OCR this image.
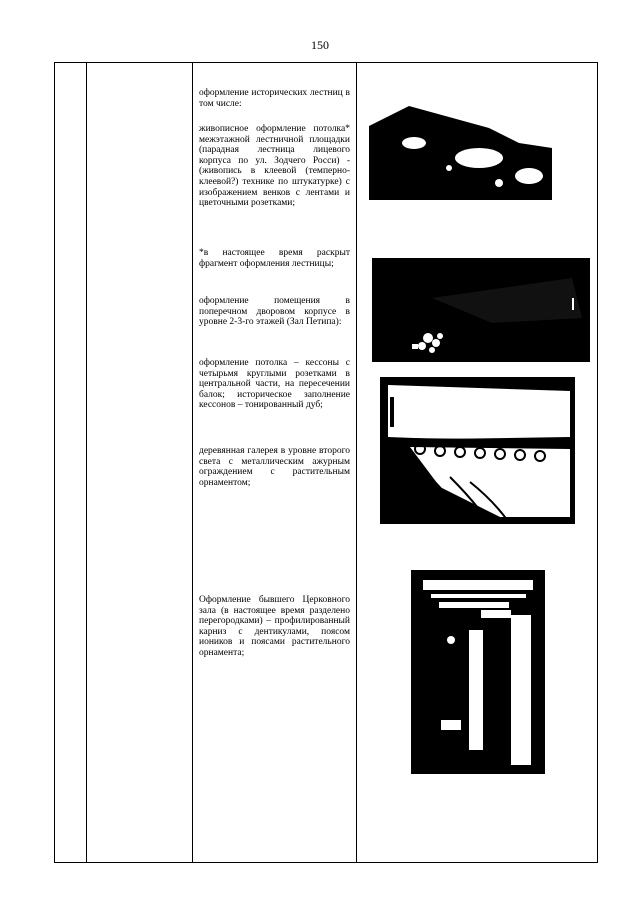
150

оформление исторических лестниц в том числе:

живописное оформление потолка* межэтажной лестничной площадки (парадная лестница лицевого корпуса по ул. Зодчего Росси) - (живопись в клеевой (темперно-клеевой?) технике по штукатурке) с изображением венков с лентами и цветочными розетками;

*в настоящее время раскрыт фрагмент оформления лестницы;

оформление помещения в поперечном дворовом корпусе в уровне 2-3-го этажей (Зал Петипа):

оформление потолка – кессоны с четырьмя круглыми розетками в центральной части, на пересечении балок; историческое заполнение кессонов – тонированный дуб;

деревянная галерея в уровне второго света с металлическим ажурным ограждением с растительным орнаментом;

Оформление бывшего Церковного зала (в настоящее время разделено перегородками) – профилированный карниз с дентикулами, поясом иоников и поясами растительного орнамента;
